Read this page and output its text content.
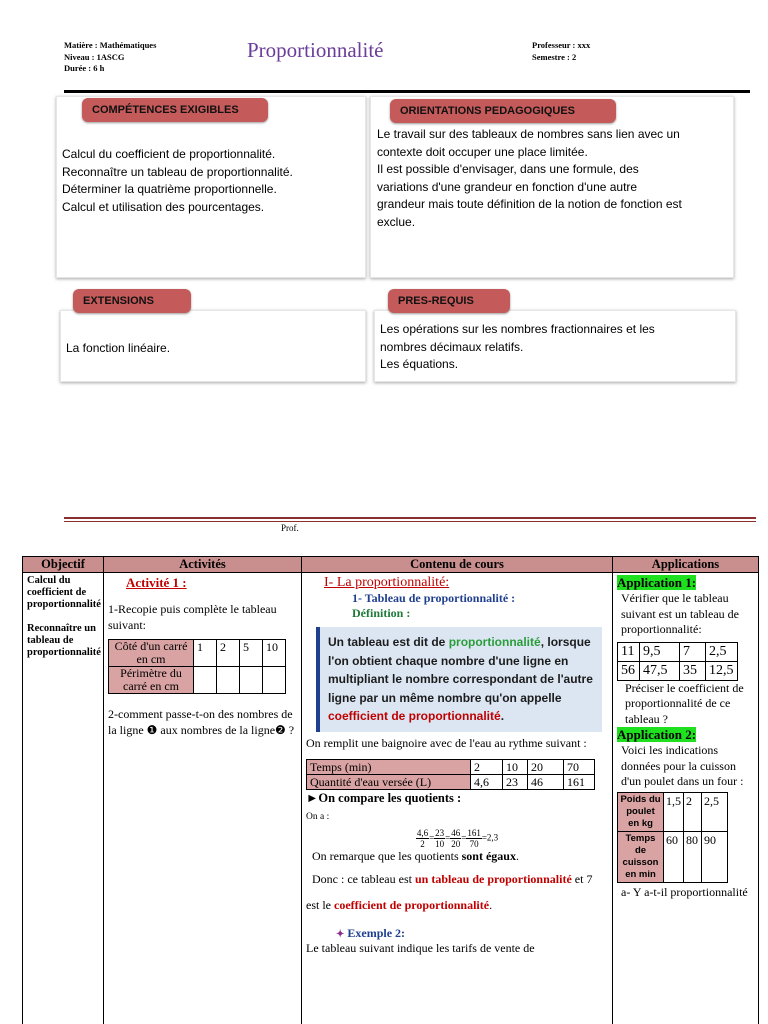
Matière : Mathématiques
Niveau : 1ASCG
Durée : 6 h
Proportionnalité	Professeur : xxx
Semestre : 2
COMPÉTENCES EXIGIBLES
Calcul du coefficient de proportionnalité.
Reconnaître un tableau de proportionnalité.
Déterminer la quatrième proportionnelle.
Calcul et utilisation des pourcentages.
ORIENTATIONS PEDAGOGIQUES
Le travail sur des tableaux de nombres sans lien avec un
contexte doit occuper une place limitée.
Il est possible d'envisager, dans une formule, des
variations d'une grandeur en fonction d'une autre
grandeur mais toute définition de la notion de fonction est
exclue.
EXTENSIONS
La fonction linéaire.
PRES-REQUIS
Les opérations sur les nombres fractionnaires et les
nombres décimaux relatifs.
Les équations.
Prof.
Objectif	Activités	Contenu de cours	Applications

Calcul du coefficient de proportionnalité
Reconnaître un tableau de proportionnalité

Activité 1 :
1-Recopie puis complète le tableau suivant:
Côté d'un carré en cm	1	2	5	10
Périmètre du carré en cm				
2-comment passe-t-on des nombres de la ligne ❶ aux nombres de la ligne❷ ?

I- La proportionnalité:
1- Tableau de proportionnalité :
Définition :
Un tableau est dit de proportionnalité, lorsque l'on obtient chaque nombre d'une ligne en multipliant le nombre correspondant de l'autre ligne par un même nombre qu'on appelle coefficient de proportionnalité.
On remplit une baignoire avec de l'eau au rythme suivant :
Temps (min)	2	10	20	70
Quantité d'eau versée (L)	4,6	23	46	161
►On compare les quotients :
On a :
$\frac{4,6}{2} = \frac{23}{10} = \frac{46}{20} = \frac{161}{70} =2,3$
On remarque que les quotients sont égaux.
Donc : ce tableau est un tableau de proportionnalité et 7 est le coefficient de proportionnalité.
✦ Exemple 2:
Le tableau suivant indique les tarifs de vente de
	Application 1:
Vérifier que le tableau suivant est un tableau de proportionnalité:
11	9,5	7	2,5
56	47,5	35	12,5
Préciser le coefficient de proportionnalité de ce tableau ?
Application 2:
Voici les indications données pour la cuisson d'un poulet dans un four :
Poids du poulet en kg	1,5	2	2,5
Temps de cuisson en min	60	80	90
a- Y a-t-il proportionnalité
